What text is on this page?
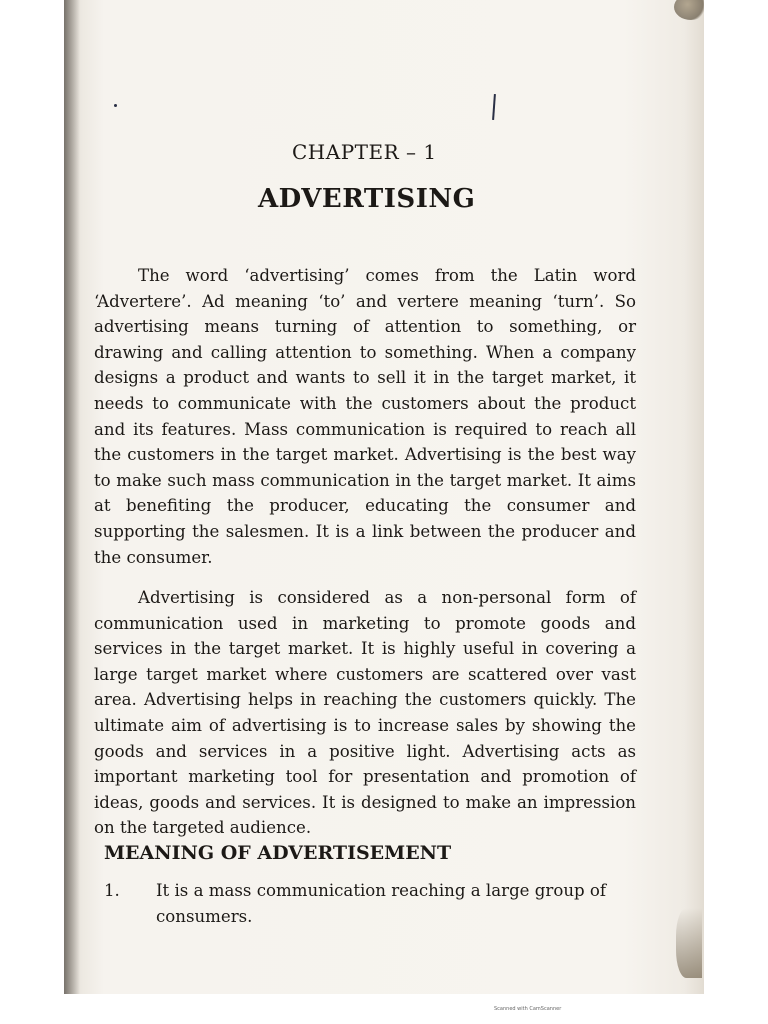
CHAPTER – 1
ADVERTISING

The word ‘advertising’ comes from the Latin word ‘Advertere’. Ad meaning ‘to’ and vertere meaning ‘turn’. So advertising means turning of attention to something, or drawing and calling attention to something. When a company designs a product and wants to sell it in the target market, it needs to communicate with the customers about the product and its features. Mass communication is required to reach all the customers in the target market. Advertising is the best way to make such mass communication in the target market. It aims at benefiting the producer, educating the consumer and supporting the salesmen. It is a link between the producer and the consumer.

Advertising is considered as a non-personal form of communication used in marketing to promote goods and services in the target market. It is highly useful in covering a large target market where customers are scattered over vast area. Advertising helps in reaching the customers quickly. The ultimate aim of advertising is to increase sales by showing the goods and services in a positive light. Advertising acts as important marketing tool for presentation and promotion of ideas, goods and services. It is designed to make an impression on the targeted audience.

MEANING OF ADVERTISEMENT
1.	It is a mass communication reaching a large group of consumers.
Scanned with CamScanner
